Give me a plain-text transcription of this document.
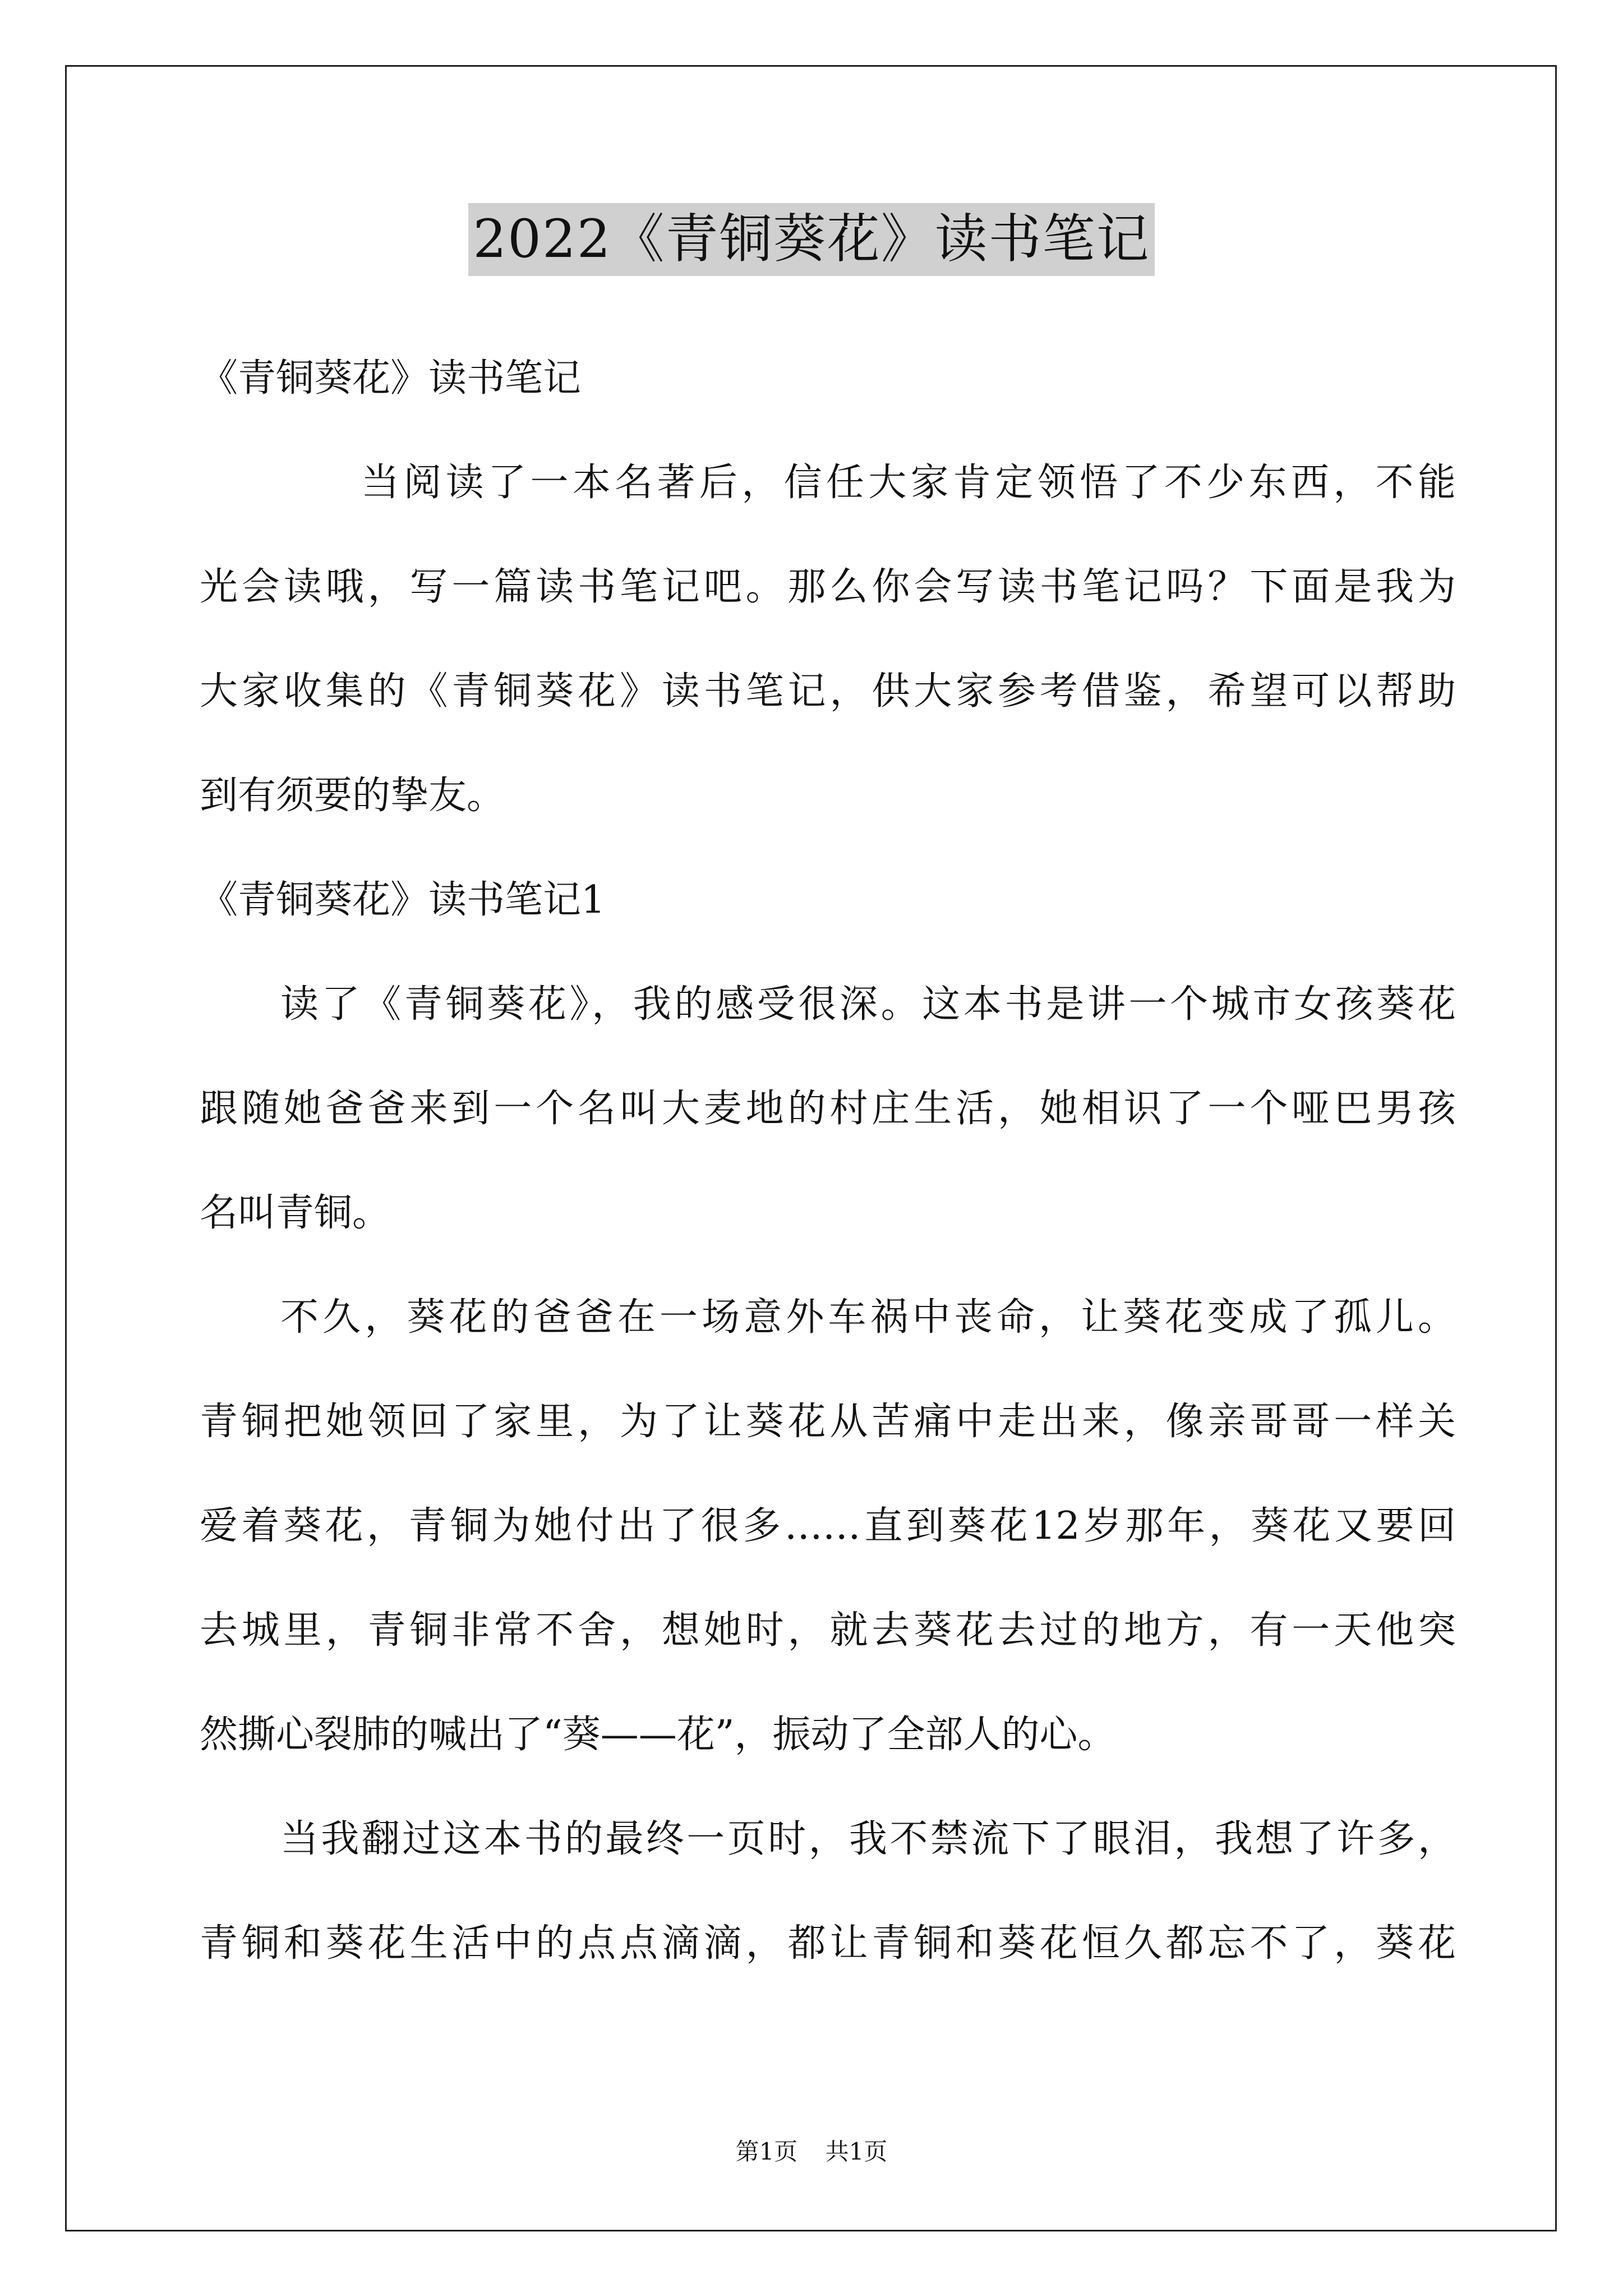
2022《青铜葵花》读书笔记
《青铜葵花》读书笔记
当阅读了一本名著后，信任大家肯定领悟了不少东西，不能
光会读哦，写一篇读书笔记吧。那么你会写读书笔记吗？下面是我为
大家收集的《青铜葵花》读书笔记，供大家参考借鉴，希望可以帮助
到有须要的挚友。
《青铜葵花》读书笔记1
读了《青铜葵花》，我的感受很深。这本书是讲一个城市女孩葵花
跟随她爸爸来到一个名叫大麦地的村庄生活，她相识了一个哑巴男孩
名叫青铜。
不久，葵花的爸爸在一场意外车祸中丧命，让葵花变成了孤儿。
青铜把她领回了家里，为了让葵花从苦痛中走出来，像亲哥哥一样关
爱着葵花，青铜为她付出了很多……直到葵花12岁那年，葵花又要回
去城里，青铜非常不舍，想她时，就去葵花去过的地方，有一天他突
然撕心裂肺的喊出了“葵——花”，振动了全部人的心。
当我翻过这本书的最终一页时，我不禁流下了眼泪，我想了许多，
青铜和葵花生活中的点点滴滴，都让青铜和葵花恒久都忘不了，葵花
第1页 共1页
